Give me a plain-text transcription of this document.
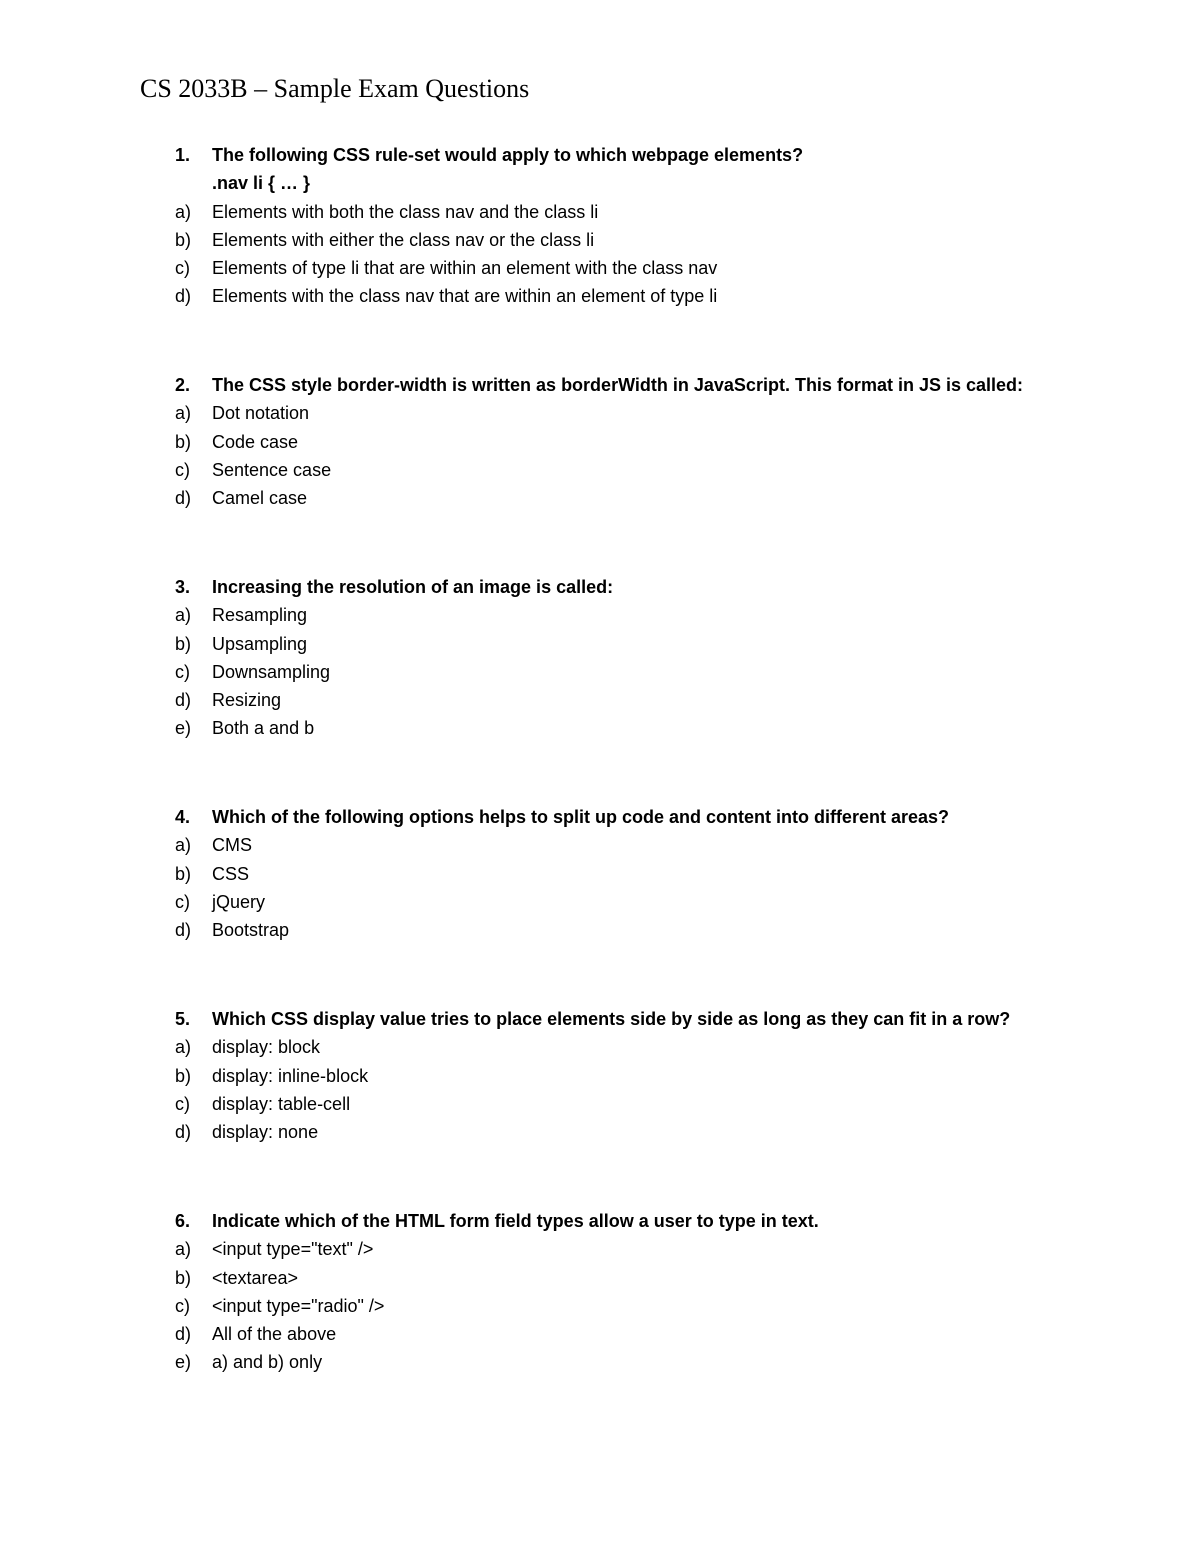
CS 2033B – Sample Exam Questions
1. The following CSS rule-set would apply to which webpage elements?
.nav li { … }
a) Elements with both the class nav and the class li
b) Elements with either the class nav or the class li
c) Elements of type li that are within an element with the class nav
d) Elements with the class nav that are within an element of type li
2. The CSS style border-width is written as borderWidth in JavaScript. This format in JS is called:
a) Dot notation
b) Code case
c) Sentence case
d) Camel case
3. Increasing the resolution of an image is called:
a) Resampling
b) Upsampling
c) Downsampling
d) Resizing
e) Both a and b
4. Which of the following options helps to split up code and content into different areas?
a) CMS
b) CSS
c) jQuery
d) Bootstrap
5. Which CSS display value tries to place elements side by side as long as they can fit in a row?
a) display: block
b) display: inline-block
c) display: table-cell
d) display: none
6. Indicate which of the HTML form field types allow a user to type in text.
a) <input type="text" />
b) <textarea>
c) <input type="radio" />
d) All of the above
e) a) and b) only
